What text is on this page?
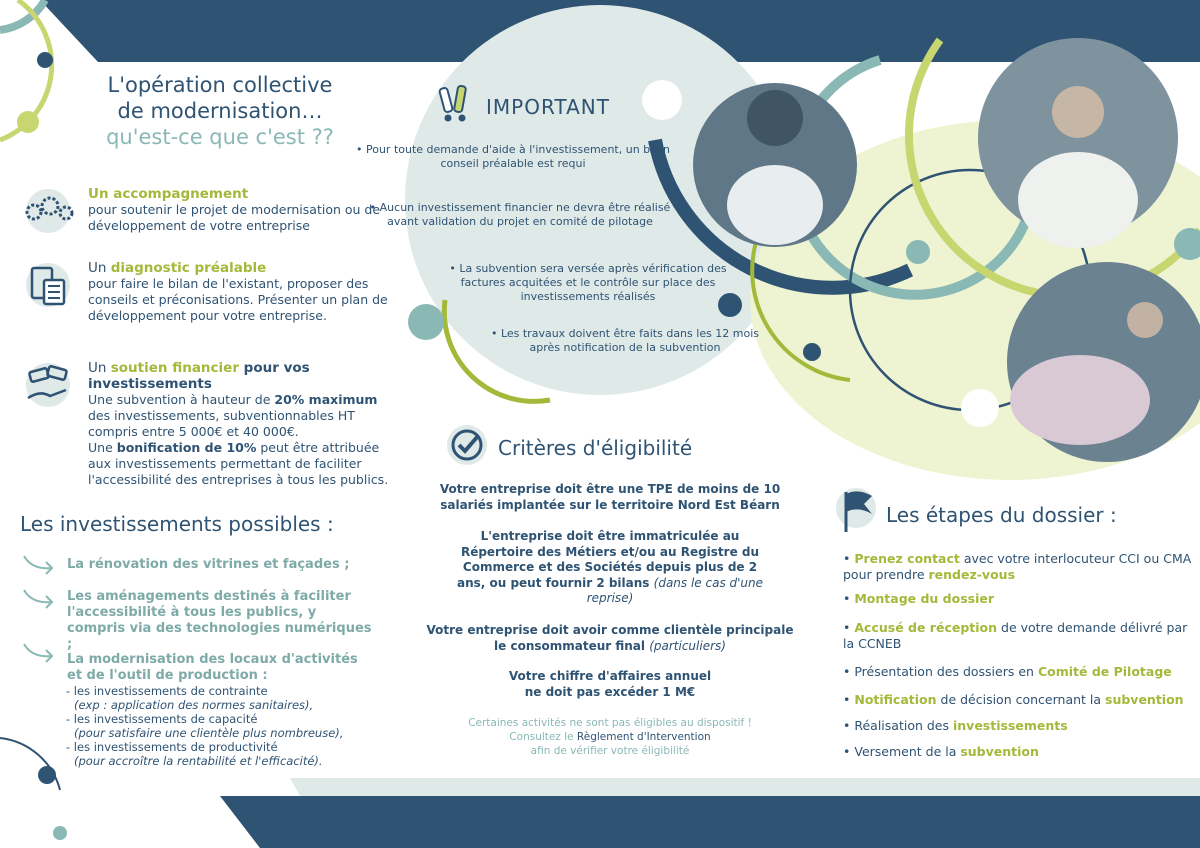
L'opération collective
de modernisation…
qu'est-ce que c'est ??
Un accompagnement
pour soutenir le projet de modernisation ou de développement de votre entreprise
Un diagnostic préalable
pour faire le bilan de l'existant, proposer des conseils et préconisations. Présenter un plan de développement pour votre entreprise.
Un soutien financier pour vos investissements
Une subvention à hauteur de 20% maximum des investissements, subventionnables HT compris entre 5 000€ et 40 000€.
Une bonification de 10% peut être attribuée aux investissements permettant de faciliter l'accessibilité des entreprises à tous les publics.
Les investissements possibles :
La rénovation des vitrines et façades ;
Les aménagements destinés à faciliter l'accessibilité à tous les publics, y compris via des technologies numériques ;
La modernisation des locaux d'activités et de l'outil de production :
- les investissements de contrainte
(exp : application des normes sanitaires),
- les investissements de capacité
(pour satisfaire une clientèle plus nombreuse),
- les investissements de productivité
(pour accroître la rentabilité et l'efficacité).
IMPORTANT
• Pour toute demande d'aide à l'investissement, un bilan conseil préalable est requi
• Aucun investissement financier ne devra être réalisé avant validation du projet en comité de pilotage
• La subvention sera versée après vérification des factures acquitées et le contrôle sur place des investissements réalisés
• Les travaux doivent être faits dans les 12 mois après notification de la subvention
Critères d'éligibilité
Votre entreprise doit être une TPE de moins de 10 salariés implantée sur le territoire Nord Est Béarn
L'entreprise doit être immatriculée au Répertoire des Métiers et/ou au Registre du Commerce et des Sociétés depuis plus de 2 ans, ou peut fournir 2 bilans (dans le cas d'une reprise)
Votre entreprise doit avoir comme clientèle principale le consommateur final (particuliers)
Votre chiffre d'affaires annuel ne doit pas excéder 1 M€
Certaines activités ne sont pas éligibles au dispositif !
Consultez le Règlement d'Intervention
afin de vérifier votre éligibilité
Les étapes du dossier :
• Prenez contact avec votre interlocuteur CCI ou CMA pour prendre rendez-vous
• Montage du dossier
• Accusé de réception de votre demande délivré par la CCNEB
• Présentation des dossiers en Comité de Pilotage
• Notification de décision concernant la subvention
• Réalisation des investissements
• Versement de la subvention
